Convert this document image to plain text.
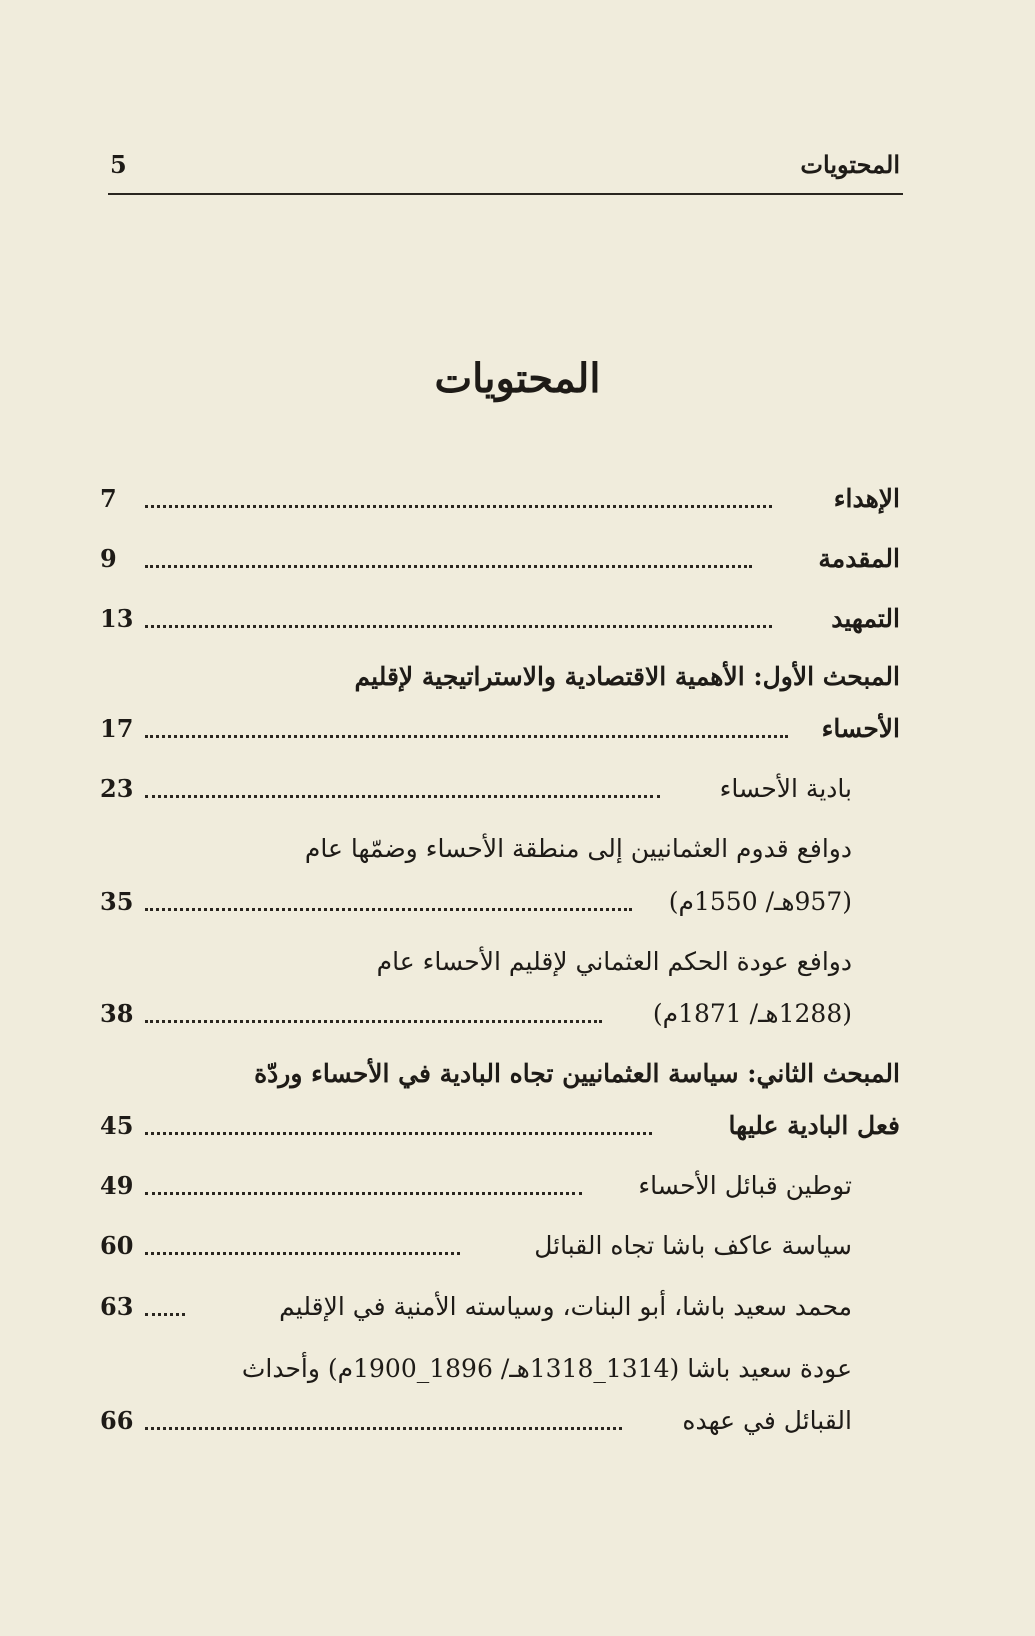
5	المحتويات
المحتويات
الإهداء
7
المقدمة
9
التمهيد
13
المبحث الأول: الأهمية الاقتصادية والاستراتيجية لإقليم
الأحساء
17
بادية الأحساء
23
دوافع قدوم العثمانيين إلى منطقة الأحساء وضمّها عام
(957هـ/ 1550م)
35
دوافع عودة الحكم العثماني لإقليم الأحساء عام
(1288هـ/ 1871م)
38
المبحث الثاني: سياسة العثمانيين تجاه البادية في الأحساء وردّة
فعل البادية عليها
45
توطين قبائل الأحساء
49
سياسة عاكف باشا تجاه القبائل
60
محمد سعيد باشا، أبو البنات، وسياسته الأمنية في الإقليم
63
عودة سعيد باشا (1314_1318هـ/ 1896_1900م) وأحداث
القبائل في عهده
66
